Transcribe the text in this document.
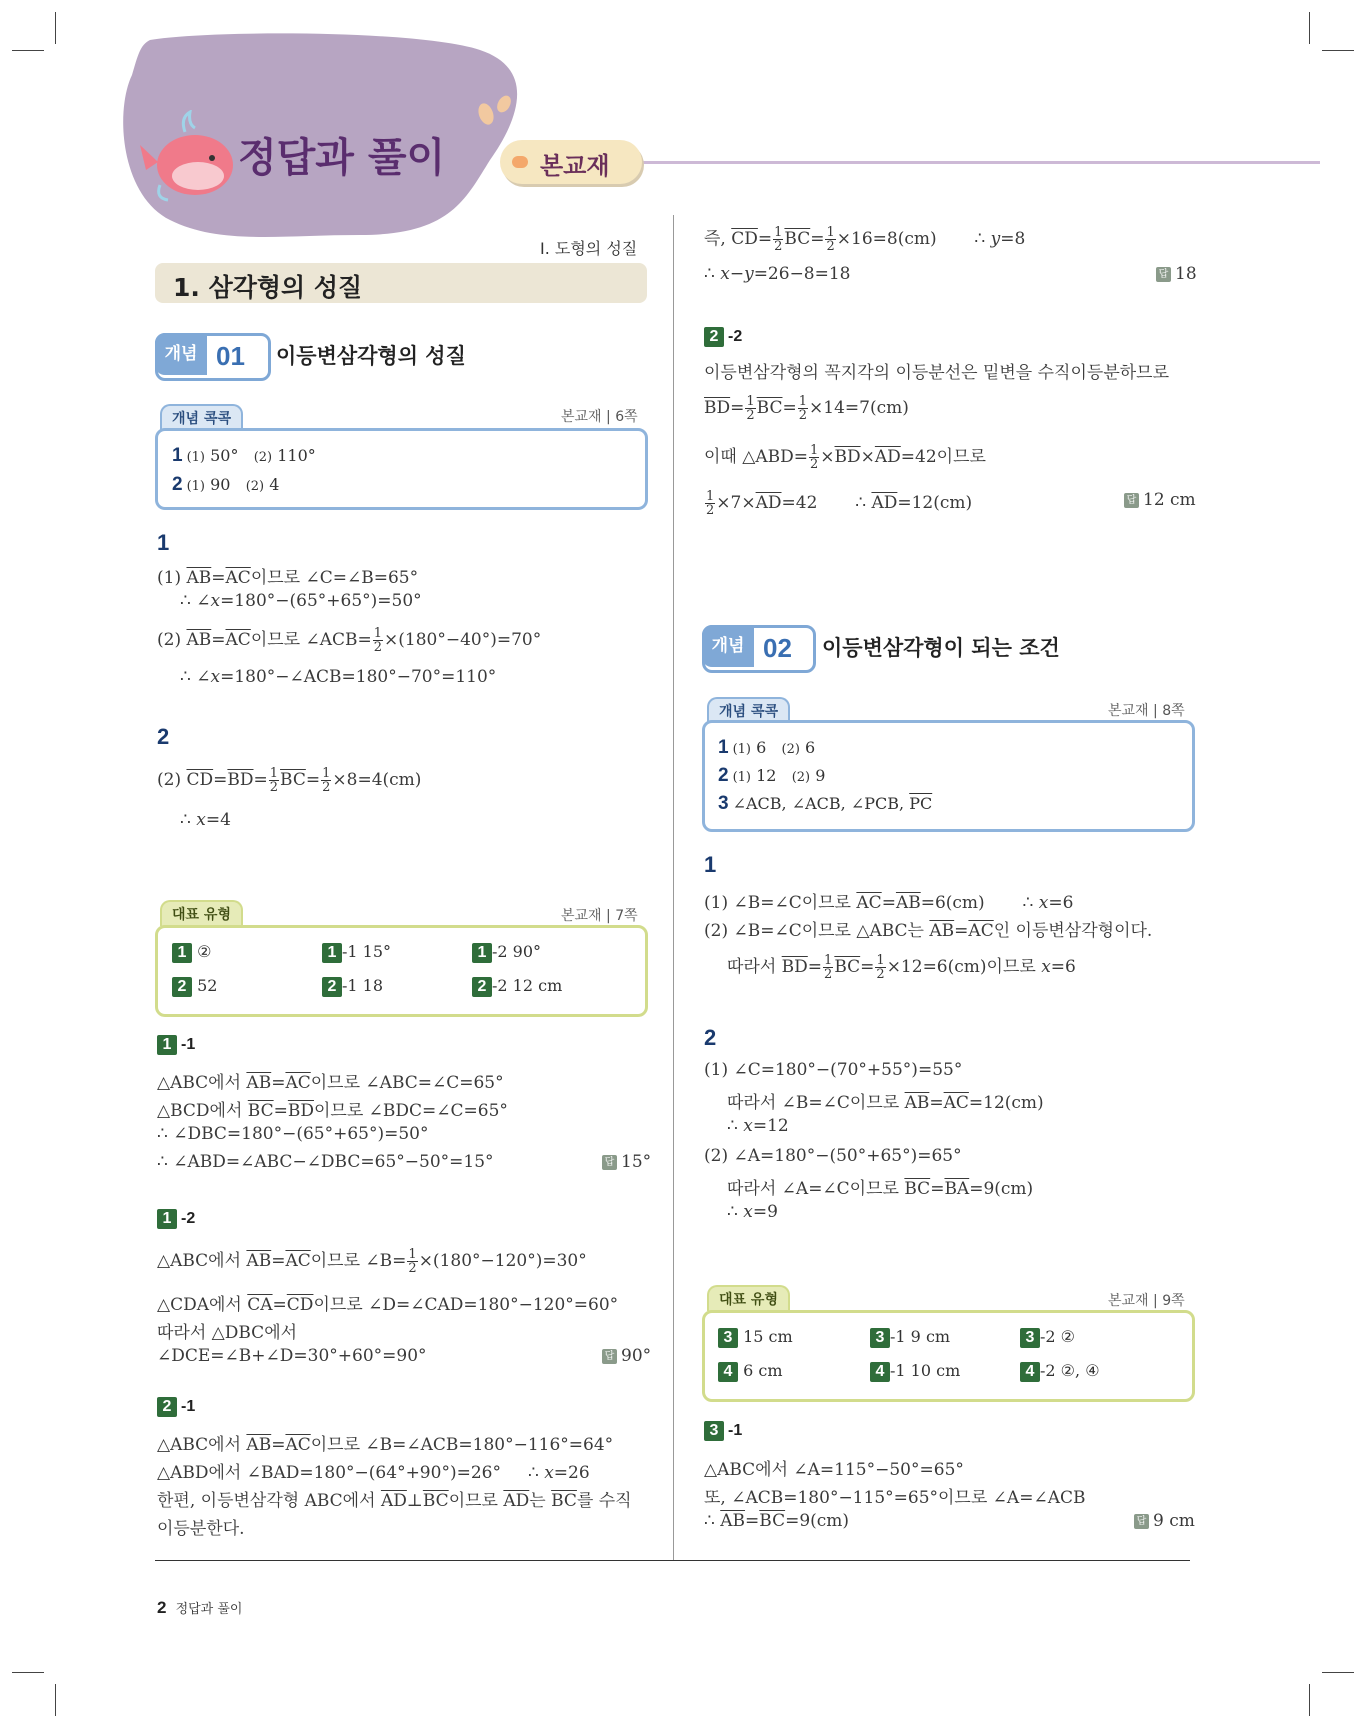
정답과 풀이	본교재
I. 도형의 성질
1. 삼각형의 성질
개념 01 이등변삼각형의 성질
개념 콕콕	본교재 | 6쪽
1 (1) 50°   (2) 110°
2 (1) 90   (2) 4
1
(1) $\overline{AB}=\overline{AC}$이므로 ∠C=∠B=65°
∴ ∠x=180°−(65°+65°)=50°
(2) $\overline{AB}=\overline{AC}$이므로 ∠ACB= $\frac{1}{2} \times(180^\circ-40^\circ)=70^\circ$
∴ ∠x=180°−∠ACB=180°−70°=110°
2
(2) $\overline{CD}=\overline{BD}= \frac{1}{2} \overline{BC}= \frac{1}{2} \times 8=4(cm)$
∴ x=4
대표 유형	본교재 | 7쪽
1 ②	1 -1 15°	1 -2 90°
2 52	2 -1 18	2 -2 12 cm
1 -1
△ABC에서 $\overline{AB}=\overline{AC}$이므로 ∠ABC=∠C=65°
△BCD에서 $\overline{BC}=\overline{BD}$이므로 ∠BDC=∠C=65°
∴ ∠DBC=180°−(65°+65°)=50°
∴ ∠ABD=∠ABC−∠DBC=65°−50°=15°	답 15°
1 -2
△ABC에서 $\overline{AB}=\overline{AC}$이므로 ∠B= $\frac{1}{2} \times(180^\circ-120^\circ)=30^\circ$
△CDA에서 $\overline{CA}=\overline{CD}$이므로 ∠D=∠CAD=180°−120°=60°
따라서 △DBC에서
∠DCE=∠B+∠D=30°+60°=90°	답 90°
2 -1
△ABC에서 $\overline{AB}=\overline{AC}$이므로 ∠B=∠ACB=180°−116°=64°
△ABD에서 ∠BAD=180°−(64°+90°)=26°     ∴ x=26
한편, 이등변삼각형 ABC에서 $\overline{AD}\perp\overline{BC}$이므로 $\overline{AD}$는 $\overline{BC}$를 수직
이등분한다.
즉, $\overline{CD}= \frac{1}{2} \overline{BC}= \frac{1}{2} \times 16=8(cm)$       ∴ y=8
∴ x−y=26−8=18	답 18
2 -2
이등변삼각형의 꼭지각의 이등분선은 밑변을 수직이등분하므로
$\overline{BD}= \frac{1}{2} \overline{BC}= \frac{1}{2} \times 14=7(cm)$
이때 △ABD= $\frac{1}{2} \times\overline{BD}\times\overline{AD}=42$이므로
$\frac{1}{2} \times 7\times\overline{AD}=42$       ∴ $\overline{AD}=12(cm)$	답 12 cm
개념 02 이등변삼각형이 되는 조건
개념 콕콕	본교재 | 8쪽
1 (1) 6   (2) 6
2 (1) 12   (2) 9
3 ∠ACB, ∠ACB, ∠PCB, $\overline{PC}$
1
(1) ∠B=∠C이므로 $\overline{AC}=\overline{AB}=6(cm)$       ∴ x=6
(2) ∠B=∠C이므로 △ABC는 $\overline{AB}=\overline{AC}$인 이등변삼각형이다.
따라서 $\overline{BD}= \frac{1}{2} \overline{BC}= \frac{1}{2} \times 12=6(cm)$이므로 x=6
2
(1) ∠C=180°−(70°+55°)=55°
따라서 ∠B=∠C이므로 $\overline{AB}=\overline{AC}=12(cm)$
∴ x=12
(2) ∠A=180°−(50°+65°)=65°
따라서 ∠A=∠C이므로 $\overline{BC}=\overline{BA}=9(cm)$
∴ x=9
대표 유형	본교재 | 9쪽
3 15 cm	3 -1 9 cm	3 -2 ②
4 6 cm	4 -1 10 cm	4 -2 ②, ④
3 -1
△ABC에서 ∠A=115°−50°=65°
또, ∠ACB=180°−115°=65°이므로 ∠A=∠ACB
∴ $\overline{AB}=\overline{BC}=9(cm)$	답 9 cm
2 정답과 풀이
